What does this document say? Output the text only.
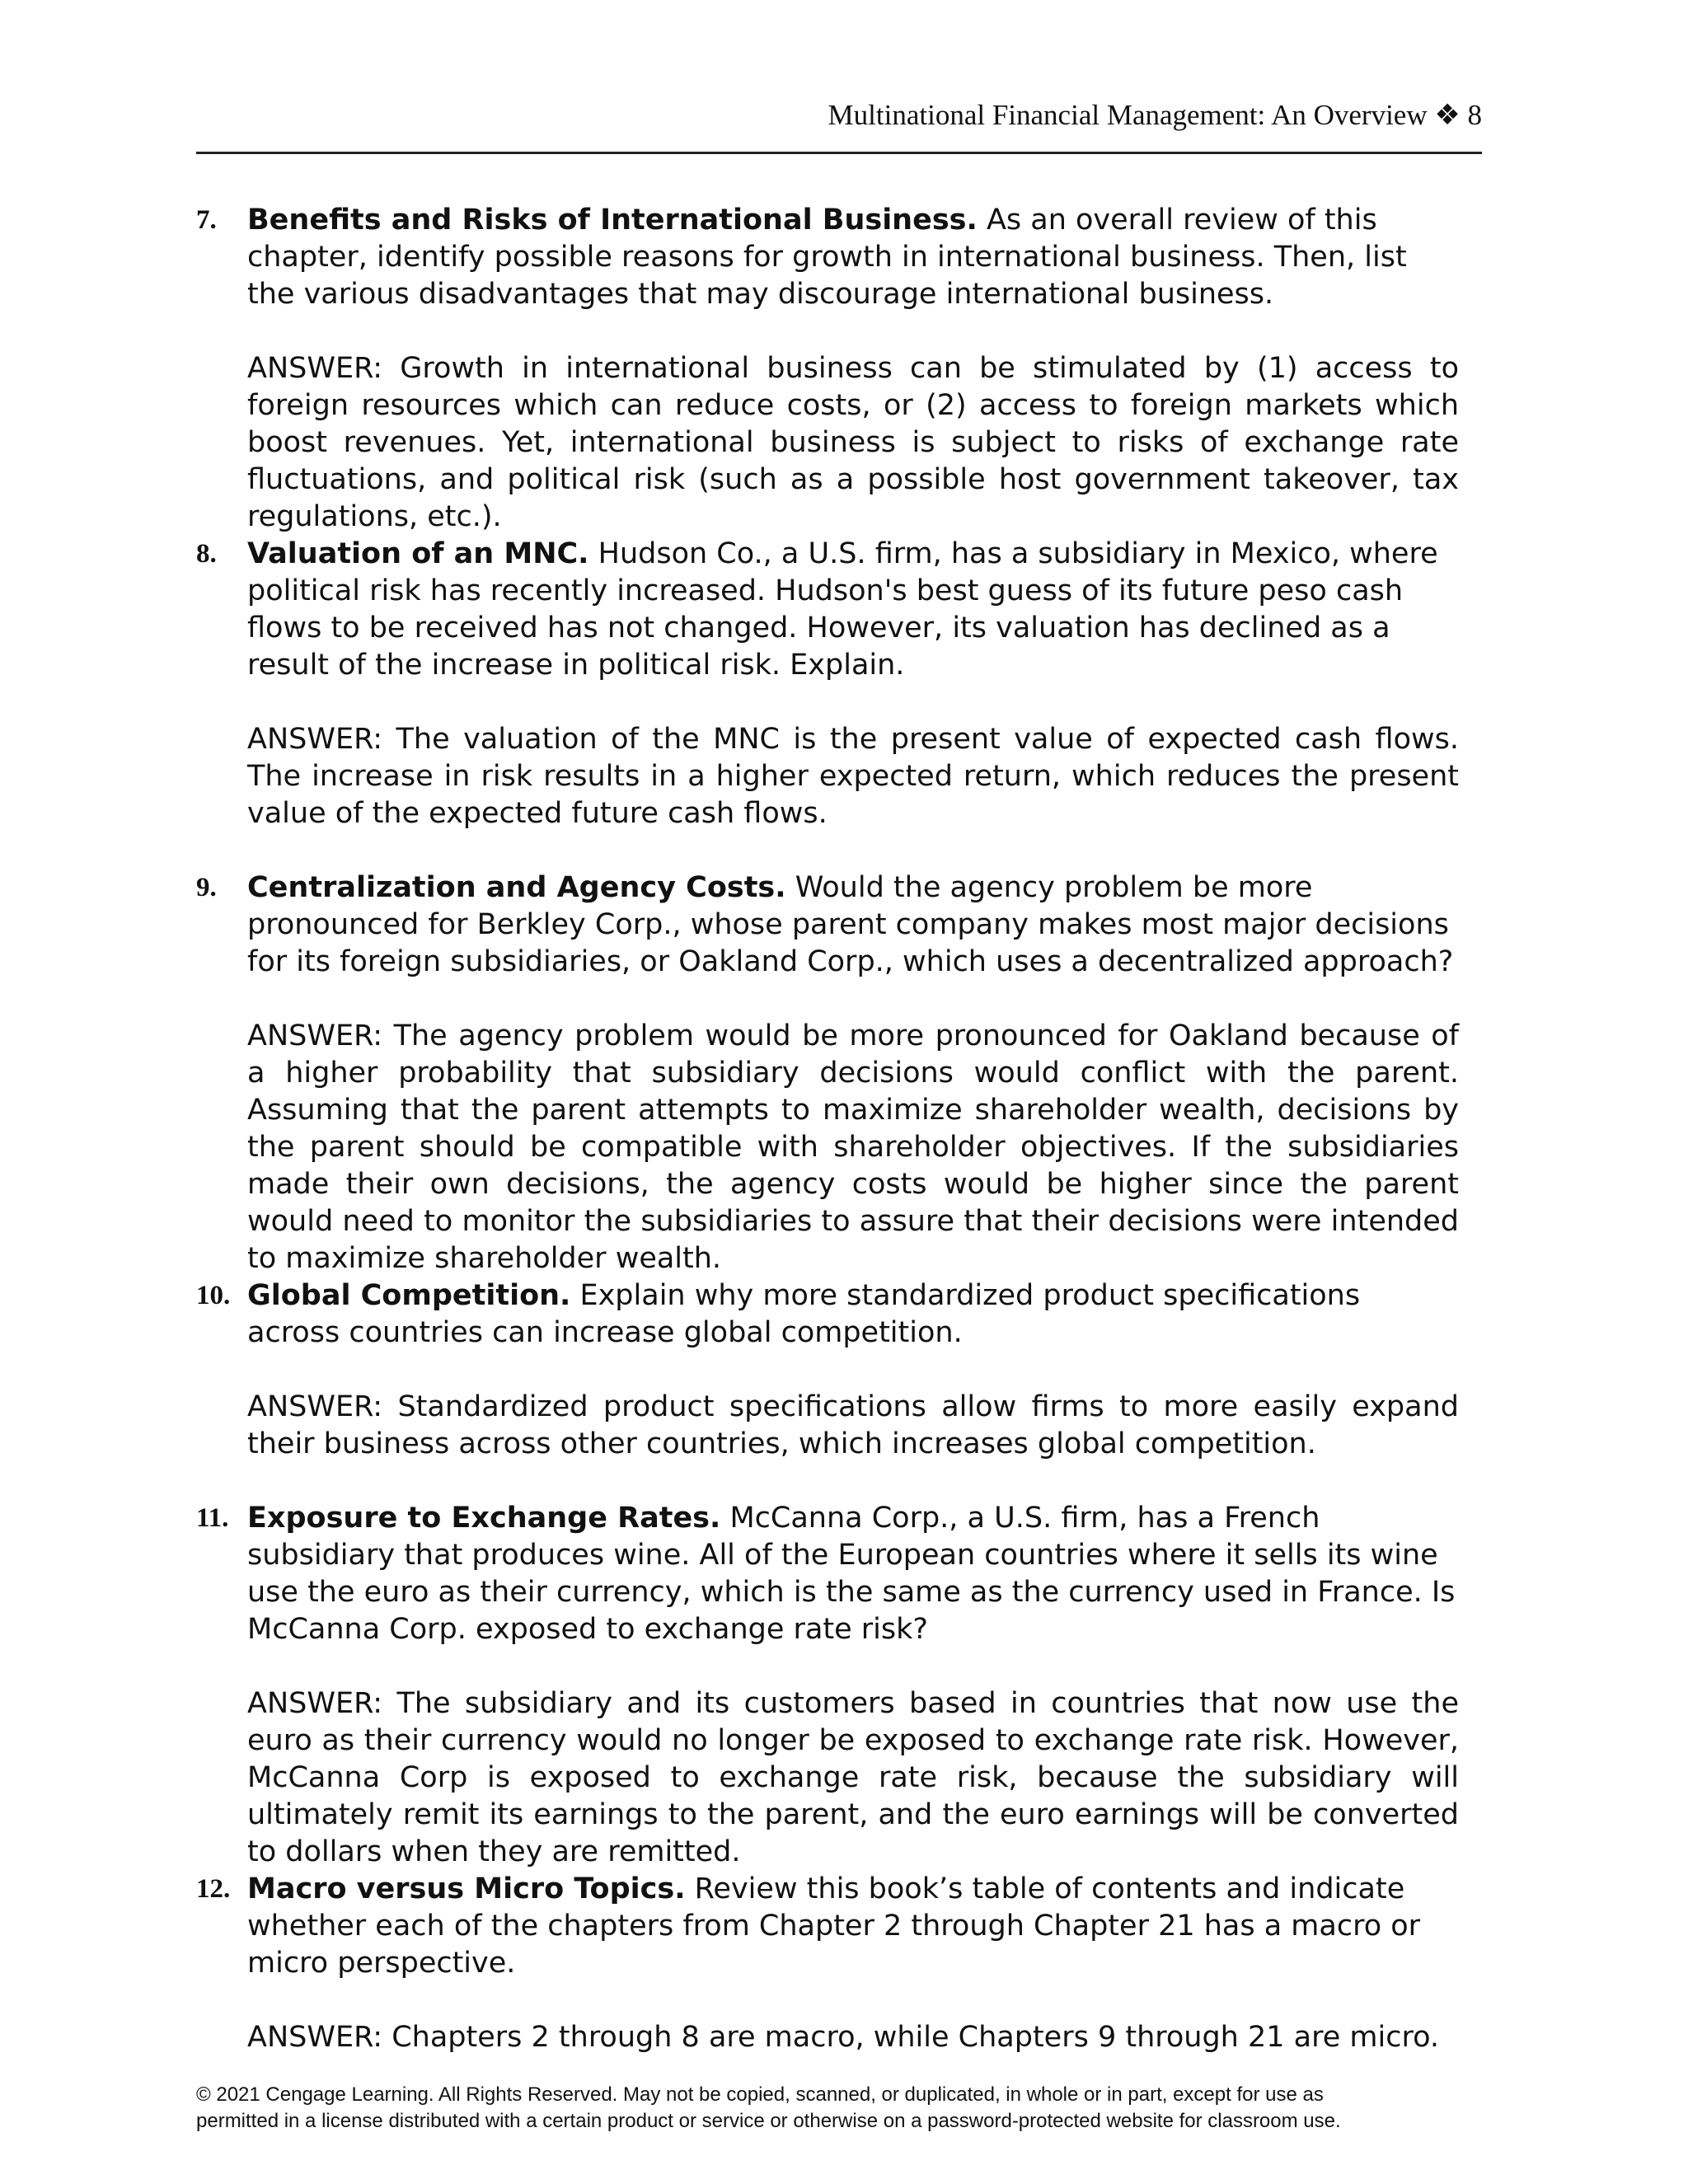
Multinational Financial Management: An Overview ❖ 8
7.	Benefits and Risks of International Business. As an overall review of this chapter, identify possible reasons for growth in international business. Then, list the various disadvantages that may discourage international business.
ANSWER: Growth in international business can be stimulated by (1) access to foreign resources which can reduce costs, or (2) access to foreign markets which boost revenues. Yet, international business is subject to risks of exchange rate fluctuations, and political risk (such as a possible host government takeover, tax regulations, etc.).
8.	Valuation of an MNC. Hudson Co., a U.S. firm, has a subsidiary in Mexico, where political risk has recently increased. Hudson's best guess of its future peso cash flows to be received has not changed. However, its valuation has declined as a result of the increase in political risk. Explain.
ANSWER: The valuation of the MNC is the present value of expected cash flows. The increase in risk results in a higher expected return, which reduces the present value of the expected future cash flows.
9.	Centralization and Agency Costs. Would the agency problem be more pronounced for Berkley Corp., whose parent company makes most major decisions for its foreign subsidiaries, or Oakland Corp., which uses a decentralized approach?
ANSWER: The agency problem would be more pronounced for Oakland because of a higher probability that subsidiary decisions would conflict with the parent. Assuming that the parent attempts to maximize shareholder wealth, decisions by the parent should be compatible with shareholder objectives. If the subsidiaries made their own decisions, the agency costs would be higher since the parent would need to monitor the subsidiaries to assure that their decisions were intended to maximize shareholder wealth.
10. Global Competition. Explain why more standardized product specifications across countries can increase global competition.
ANSWER: Standardized product specifications allow firms to more easily expand their business across other countries, which increases global competition.
11. Exposure to Exchange Rates. McCanna Corp., a U.S. firm, has a French subsidiary that produces wine. All of the European countries where it sells its wine use the euro as their currency, which is the same as the currency used in France. Is McCanna Corp. exposed to exchange rate risk?
ANSWER: The subsidiary and its customers based in countries that now use the euro as their currency would no longer be exposed to exchange rate risk. However, McCanna Corp is exposed to exchange rate risk, because the subsidiary will ultimately remit its earnings to the parent, and the euro earnings will be converted to dollars when they are remitted.
12. Macro versus Micro Topics. Review this book’s table of contents and indicate whether each of the chapters from Chapter 2 through Chapter 21 has a macro or micro perspective.
ANSWER: Chapters 2 through 8 are macro, while Chapters 9 through 21 are micro.
© 2021 Cengage Learning. All Rights Reserved. May not be copied, scanned, or duplicated, in whole or in part, except for use as
permitted in a license distributed with a certain product or service or otherwise on a password-protected website for classroom use.
